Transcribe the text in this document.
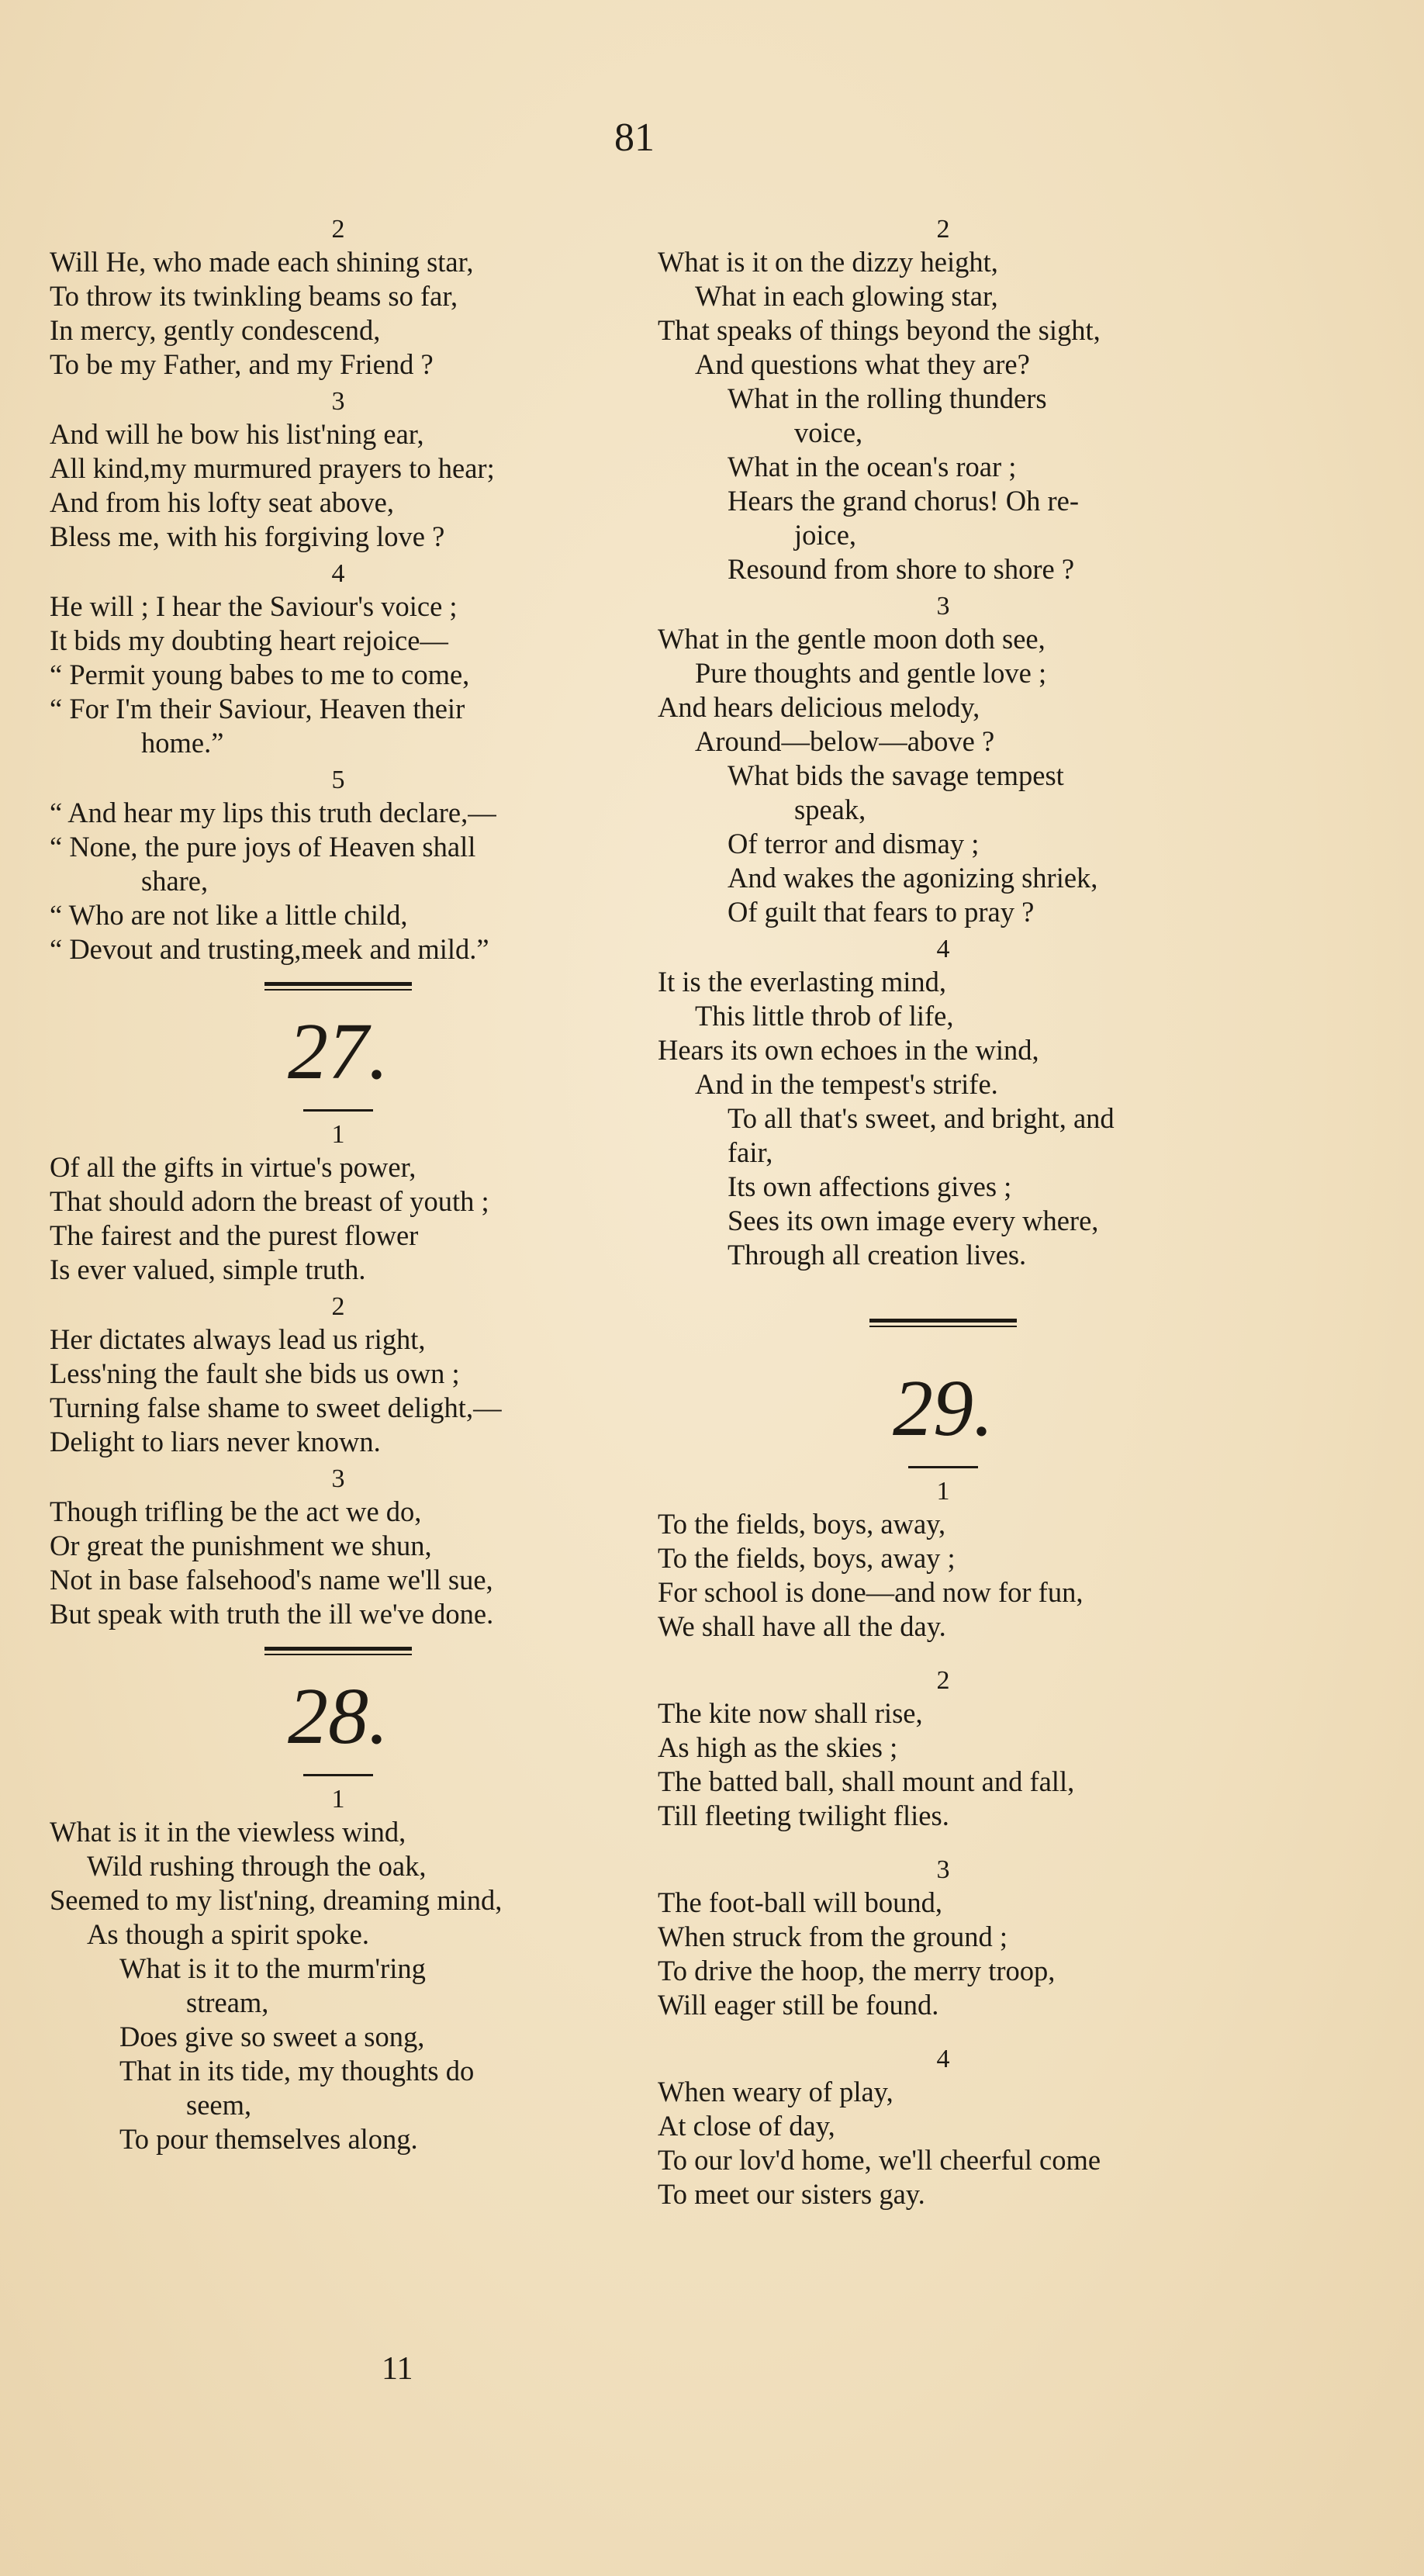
81
2
Will He, who made each shining star,
To throw its twinkling beams so far,
In mercy, gently condescend,
To be my Father, and my Friend ?
3
And will he bow his list'ning ear,
All kind,my murmured prayers to hear;
And from his lofty seat above,
Bless me, with his forgiving love ?
4
He will ; I hear the Saviour's voice ;
It bids my doubting heart rejoice—
“ Permit young babes to me to come,
“ For I'm their Saviour, Heaven their
home.”
5
“ And hear my lips this truth declare,—
“ None, the pure joys of Heaven shall
share,
“ Who are not like a little child,
“ Devout and trusting,meek and mild.”
27.
1
Of all the gifts in virtue's power,
That should adorn the breast of youth ;
The fairest and the purest flower
Is ever valued, simple truth.
2
Her dictates always lead us right,
Less'ning the fault she bids us own ;
Turning false shame to sweet delight,—
Delight to liars never known.
3
Though trifling be the act we do,
Or great the punishment we shun,
Not in base falsehood's name we'll sue,
But speak with truth the ill we've done.
28.
1
What is it in the viewless wind,
Wild rushing through the oak,
Seemed to my list'ning, dreaming mind,
As though a spirit spoke.
What is it to the murm'ring
stream,
Does give so sweet a song,
That in its tide, my thoughts do
seem,
To pour themselves along.
11
2
What is it on the dizzy height,
What in each glowing star,
That speaks of things beyond the sight,
And questions what they are?
What in the rolling thunders
voice,
What in the ocean's roar ;
Hears the grand chorus! Oh re-
joice,
Resound from shore to shore ?
3
What in the gentle moon doth see,
Pure thoughts and gentle love ;
And hears delicious melody,
Around—below—above ?
What bids the savage tempest
speak,
Of terror and dismay ;
And wakes the agonizing shriek,
Of guilt that fears to pray ?
4
It is the everlasting mind,
This little throb of life,
Hears its own echoes in the wind,
And in the tempest's strife.
To all that's sweet, and bright, and
fair,
Its own affections gives ;
Sees its own image every where,
Through all creation lives.
29.
1
To the fields, boys, away,
To the fields, boys, away ;
For school is done—and now for fun,
We shall have all the day.
2
The kite now shall rise,
As high as the skies ;
The batted ball, shall mount and fall,
Till fleeting twilight flies.
3
The foot-ball will bound,
When struck from the ground ;
To drive the hoop, the merry troop,
Will eager still be found.
4
When weary of play,
At close of day,
To our lov'd home, we'll cheerful come
To meet our sisters gay.
